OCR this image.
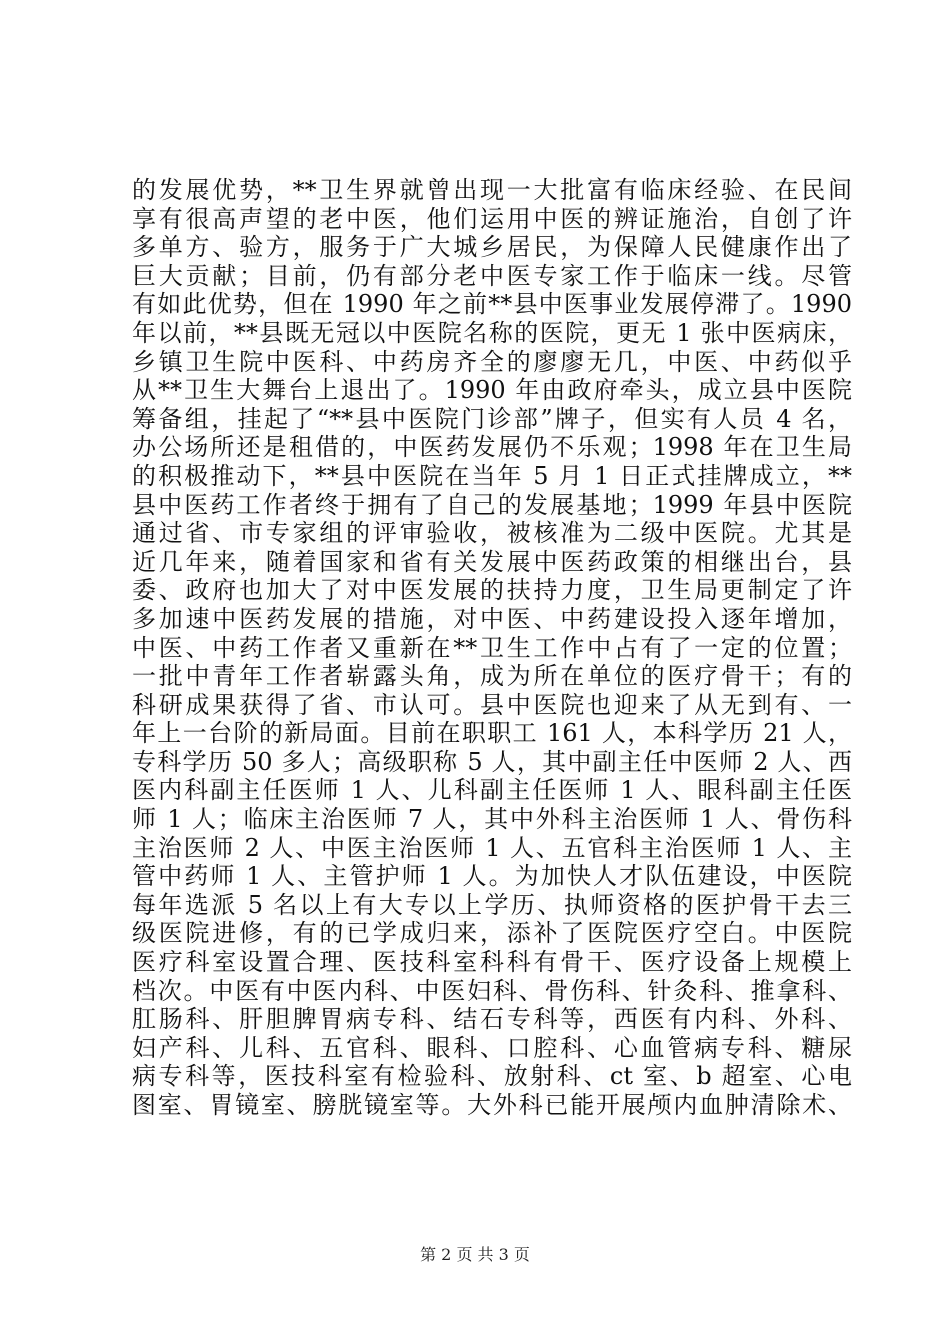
的发展优势，**卫生界就曾出现一大批富有临床经验、在民间
享有很高声望的老中医，他们运用中医的辨证施治，自创了许
多单方、验方，服务于广大城乡居民，为保障人民健康作出了
巨大贡献；目前，仍有部分老中医专家工作于临床一线。尽管
有如此优势，但在 1990 年之前**县中医事业发展停滞了。1990
年以前，**县既无冠以中医院名称的医院，更无 1 张中医病床，
乡镇卫生院中医科、中药房齐全的廖廖无几，中医、中药似乎
从**卫生大舞台上退出了。1990 年由政府牵头，成立县中医院
筹备组，挂起了“**县中医院门诊部”牌子，但实有人员 4 名，
办公场所还是租借的，中医药发展仍不乐观；1998 年在卫生局
的积极推动下，**县中医院在当年 5 月 1 日正式挂牌成立，**
县中医药工作者终于拥有了自己的发展基地；1999 年县中医院
通过省、市专家组的评审验收，被核准为二级中医院。尤其是
近几年来，随着国家和省有关发展中医药政策的相继出台，县
委、政府也加大了对中医发展的扶持力度，卫生局更制定了许
多加速中医药发展的措施，对中医、中药建设投入逐年增加，
中医、中药工作者又重新在**卫生工作中占有了一定的位置；
一批中青年工作者崭露头角，成为所在单位的医疗骨干；有的
科研成果获得了省、市认可。县中医院也迎来了从无到有、一
年上一台阶的新局面。目前在职职工 161 人，本科学历 21 人，
专科学历 50 多人；高级职称 5 人，其中副主任中医师 2 人、西
医内科副主任医师 1 人、儿科副主任医师 1 人、眼科副主任医
师 1 人；临床主治医师 7 人，其中外科主治医师 1 人、骨伤科
主治医师 2 人、中医主治医师 1 人、五官科主治医师 1 人、主
管中药师 1 人、主管护师 1 人。为加快人才队伍建设，中医院
每年选派 5 名以上有大专以上学历、执师资格的医护骨干去三
级医院进修，有的已学成归来，添补了医院医疗空白。中医院
医疗科室设置合理、医技科室科科有骨干、医疗设备上规模上
档次。中医有中医内科、中医妇科、骨伤科、针灸科、推拿科、
肛肠科、肝胆脾胃病专科、结石专科等，西医有内科、外科、
妇产科、儿科、五官科、眼科、口腔科、心血管病专科、糖尿
病专科等，医技科室有检验科、放射科、ct 室、b 超室、心电
图室、胃镜室、膀胱镜室等。大外科已能开展颅内血肿清除术、
第 2 页 共 3 页
